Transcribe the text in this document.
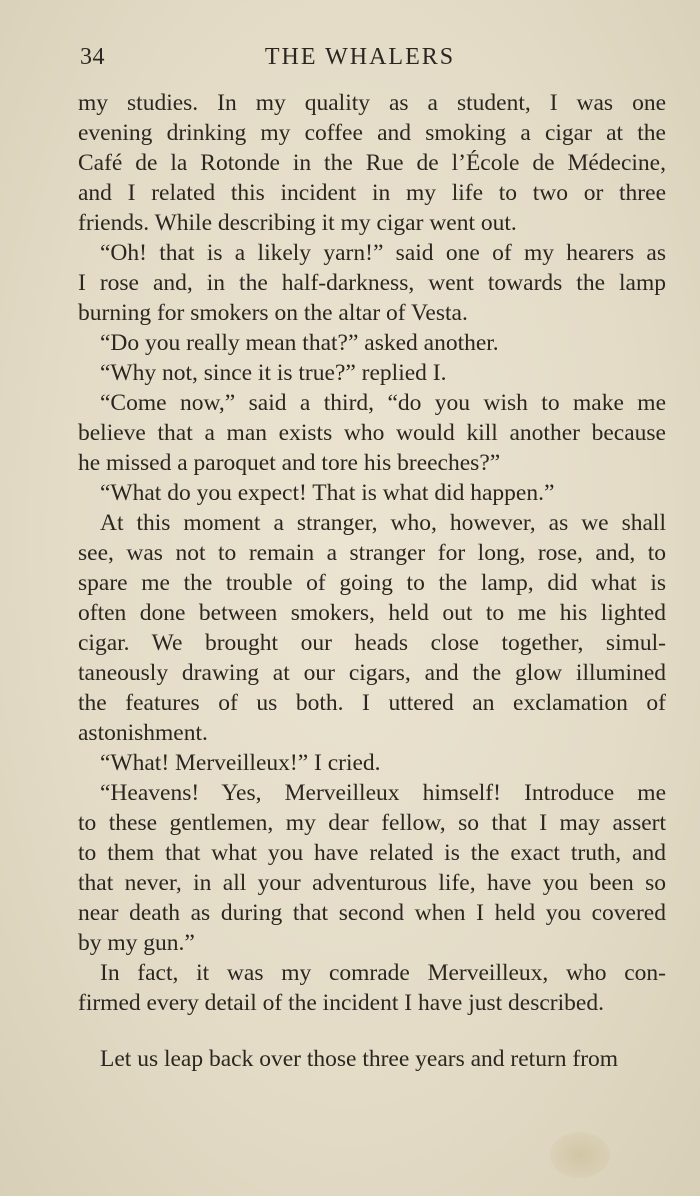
34	THE WHALERS
my studies. In my quality as a student, I was one
evening drinking my coffee and smoking a cigar at the
Café de la Rotonde in the Rue de l’École de Médecine,
and I related this incident in my life to two or three
friends. While describing it my cigar went out.
“Oh! that is a likely yarn!” said one of my hearers as
I rose and, in the half-darkness, went towards the lamp
burning for smokers on the altar of Vesta.
“Do you really mean that?” asked another.
“Why not, since it is true?” replied I.
“Come now,” said a third, “do you wish to make me
believe that a man exists who would kill another because
he missed a paroquet and tore his breeches?”
“What do you expect! That is what did happen.”
At this moment a stranger, who, however, as we shall
see, was not to remain a stranger for long, rose, and, to
spare me the trouble of going to the lamp, did what is
often done between smokers, held out to me his lighted
cigar. We brought our heads close together, simul-
taneously drawing at our cigars, and the glow illumined
the features of us both. I uttered an exclamation of
astonishment.
“What! Merveilleux!” I cried.
“Heavens! Yes, Merveilleux himself! Introduce me
to these gentlemen, my dear fellow, so that I may assert
to them that what you have related is the exact truth, and
that never, in all your adventurous life, have you been so
near death as during that second when I held you covered
by my gun.”
In fact, it was my comrade Merveilleux, who con-
firmed every detail of the incident I have just described.
Let us leap back over those three years and return from
